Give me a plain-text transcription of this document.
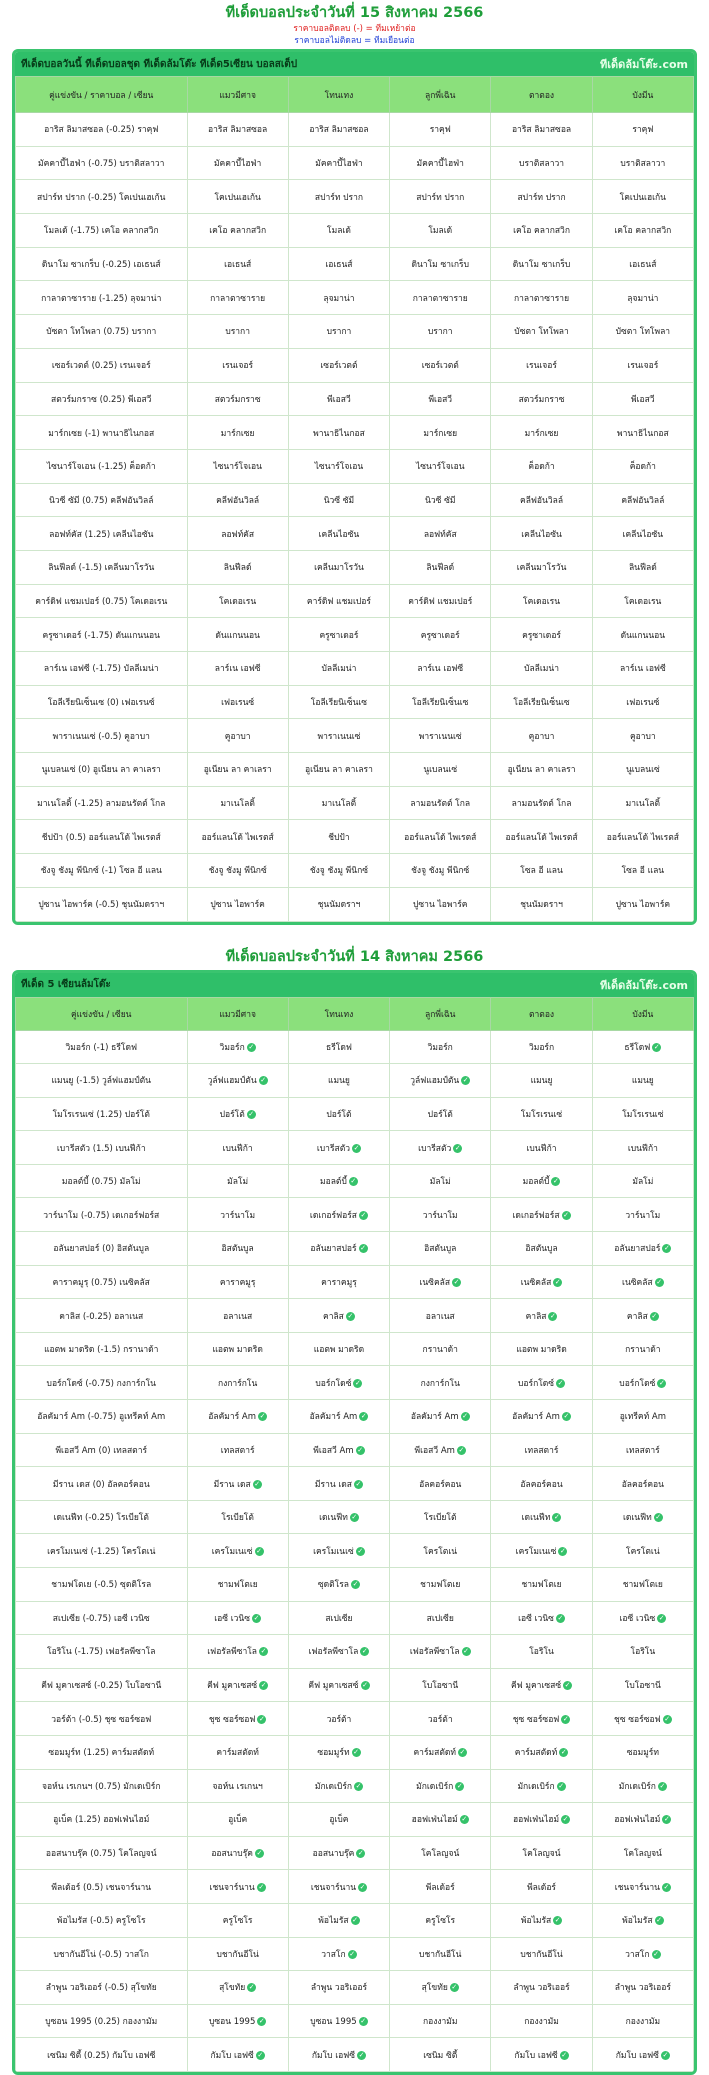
ทีเด็ดบอลประจำวันที่ 15 สิงหาคม 2566
ราคาบอลติดลบ (-) = ทีมเหย้าต่อ
ราคาบอลไม่ติดลบ = ทีมเยือนต่อ
ทีเด็ดบอลวันนี้ ทีเด็ดบอลชุด ทีเด็ดล้มโต๊ะ ทีเด็ด5เซียน บอลสเต็ป	ทีเด็ดล้มโต๊ะ.com
คู่แข่งขัน / ราคาบอล / เซียน	แมวมีศาจ	โทนเทง	ลูกพี่เฉิน	ตาตอง	บังมีน
อาริส ลิมาสซอล (-0.25) ราคุฟ	อาริส ลิมาสซอล	อาริส ลิมาสซอล	ราคุฟ	อาริส ลิมาสซอล	ราคุฟ
มัคคาบี้ไฮฟ่า (-0.75) บราติสลาวา	มัคคาบี้ไฮฟ่า	มัคคาบี้ไฮฟ่า	มัคคาบี้ไฮฟ่า	บราติสลาวา	บราติสลาวา
สปาร์ท ปราก (-0.25) โคเปนเฮเก้น	โคเปนเฮเก้น	สปาร์ท ปราก	สปาร์ท ปราก	สปาร์ท ปราก	โคเปนเฮเก้น
โมลเด้ (-1.75) เคโอ คลากสวิก	เคโอ คลากสวิก	โมลเด้	โมลเด้	เคโอ คลากสวิก	เคโอ คลากสวิก
ดินาโม ซาเกร็บ (-0.25) เอเธนส์	เอเธนส์	เอเธนส์	ดินาโม ซาเกร็บ	ดินาโม ซาเกร็บ	เอเธนส์
กาลาตาซาราย (-1.25) ลุจมาน่า	กาลาตาซาราย	ลุจมาน่า	กาลาตาซาราย	กาลาตาซาราย	ลุจมาน่า
บัซตา โทโพลา (0.75) บรากา	บรากา	บรากา	บรากา	บัซตา โทโพลา	บัซตา โทโพลา
เซอร์เวตต์ (0.25) เรนเจอร์	เรนเจอร์	เซอร์เวตต์	เซอร์เวตต์	เรนเจอร์	เรนเจอร์
สตวร์มกราซ (0.25) พีเอสวี	สตวร์มกราซ	พีเอสวี	พีเอสวี	สตวร์มกราซ	พีเอสวี
มาร์กเซย (-1) พานาธิไนกอส	มาร์กเซย	พานาธิไนกอส	มาร์กเซย	มาร์กเซย	พานาธิไนกอส
ไซนาร์โจเอน (-1.25) ค็อดก้า	ไซนาร์โจเอน	ไซนาร์โจเอน	ไซนาร์โจเอน	ค็อดก้า	ค็อดก้า
นิวซี ซัมี (0.75) คลีฟอันวิลล์	คลีฟอันวิลล์	นิวซี ซัมี	นิวซี ซัมี	คลีฟอันวิลล์	คลีฟอันวิลล์
ลอฟท์คัส (1.25) เคลีนไอซัน	ลอฟท์คัส	เคลีนไอซัน	ลอฟท์คัส	เคลีนไอซัน	เคลีนไอซัน
ลินฟีลด์ (-1.5) เคลีนมาโรวัน	ลินฟีลด์	เคลีนมาโรวัน	ลินฟีลด์	เคลีนมาโรวัน	ลินฟีลด์
คาร์ดิฟ แชมเปอร์ (0.75) โคเดอเรน	โคเดอเรน	คาร์ดิฟ แชมเปอร์	คาร์ดิฟ แชมเปอร์	โคเดอเรน	โคเดอเรน
ครูซาเดอร์ (-1.75) ดันแกนนอน	ดันแกนนอน	ครูซาเดอร์	ครูซาเดอร์	ครูซาเดอร์	ดันแกนนอน
ลาร์เน เอฟซี (-1.75) บัลลีเมน่า	ลาร์เน เอฟซี	บัลลีเมน่า	ลาร์เน เอฟซี	บัลลีเมน่า	ลาร์เน เอฟซี
โอลีเรียนิเซ็นเซ (0) เฟอเรนซ์	เฟอเรนซ์	โอลีเรียนิเซ็นเซ	โอลีเรียนิเซ็นเซ	โอลีเรียนิเซ็นเซ	เฟอเรนซ์
พาราเนนเซ่ (-0.5) คูอาบา	คูอาบา	พาราเนนเซ่	พาราเนนเซ่	คูอาบา	คูอาบา
นูเบลนเซ่ (0) อูเนียน ลา คาเลรา	อูเนียน ลา คาเลรา	อูเนียน ลา คาเลรา	นูเบลนเซ่	อูเนียน ลา คาเลรา	นูเบลนเซ่
มาเนโลติ้ (-1.25) ลามอนรัตต์ โกล	มาเนโลติ้	มาเนโลติ้	ลามอนรัตต์ โกล	ลามอนรัตต์ โกล	มาเนโลติ้
ชีปป้า (0.5) ออร์แลนโด้ ไพเรตส์	ออร์แลนโด้ ไพเรตส์	ชีปป้า	ออร์แลนโด้ ไพเรตส์	ออร์แลนโด้ ไพเรตส์	ออร์แลนโด้ ไพเรตส์
ชังจู ชังมู พีนิกซ์ (-1) โซล อี แลน	ชังจู ชังมู พีนิกซ์	ชังจู ชังมู พีนิกซ์	ชังจู ชังมู พีนิกซ์	โซล อี แลน	โซล อี แลน
ปูซาน ไอพาร์ค (-0.5) ชุนนัมดราฯ	ปูซาน ไอพาร์ค	ชุนนัมดราฯ	ปูซาน ไอพาร์ค	ชุนนัมดราฯ	ปูซาน ไอพาร์ค
ทีเด็ดบอลประจำวันที่ 14 สิงหาคม 2566
ทีเด็ด 5 เซียนล้มโต๊ะ	ทีเด็ดล้มโต๊ะ.com
คู่แข่งขัน / เซียน	แมวมีศาจ	โทนเทง	ลูกพี่เฉิน	ตาตอง	บังมีน
วิมอร์ก (-1) ธรีโดฟ	วิมอร์ก ✓	ธรีโดฟ	วิมอร์ก	วิมอร์ก	ธรีโดฟ ✓
แมนยู (-1.5) วูล์ฟแฮมป์ตัน	วูล์ฟแฮมป์ตัน ✓	แมนยู	วูล์ฟแฮมป์ตัน ✓	แมนยู	แมนยู
โมโรเรนเซ่ (1.25) ปอร์โต้	ปอร์โต้ ✓	ปอร์โต้	ปอร์โต้	โมโรเรนเซ่	โมโรเรนเซ่
เบารีสตัว (1.5) เบนฟีก้า	เบนฟีก้า	เบารีสตัว ✓	เบารีสตัว ✓	เบนฟีก้า	เบนฟีก้า
มอลต์บี้ (0.75) มัลโม่	มัลโม่	มอลต์บี้ ✓	มัลโม่	มอลต์บี้ ✓	มัลโม่
วาร์นาโม (-0.75) เดเกอร์ฟอร์ส	วาร์นาโม	เดเกอร์ฟอร์ส ✓	วาร์นาโม	เดเกอร์ฟอร์ส ✓	วาร์นาโม
อลันยาสปอร์ (0) อิสตันบูล	อิสตันบูล	อลันยาสปอร์ ✓	อิสตันบูล	อิสตันบูล	อลันยาสปอร์ ✓
คาราคมูรุ (0.75) เนซิคลัส	คาราคมูรุ	คาราคมูรุ	เนซิคลัส ✓	เนซิคลัส ✓	เนซิคลัส ✓
คาลิส (-0.25) อลาเนส	อลาเนส	คาลิส ✓	อลาเนส	คาลิส ✓	คาลิส ✓
แอตพ มาดริด (-1.5) กรานาด้า	แอตพ มาดริด	แอตพ มาดริด	กรานาด้า	แอตพ มาดริด	กรานาด้า
บอร์กโดซ์ (-0.75) กงการ์กโน	กงการ์กโน	บอร์กโดซ์ ✓	กงการ์กโน	บอร์กโดซ์ ✓	บอร์กโดซ์ ✓
อัลคัมาร์ Am (-0.75) อูเทรีคท์ Am	อัลคัมาร์ Am ✓	อัลคัมาร์ Am ✓	อัลคัมาร์ Am ✓	อัลคัมาร์ Am ✓	อูเทรีคท์ Am
พีเอสวี Am (0) เทลสตาร์	เทลสตาร์	พีเอสวี Am ✓	พีเอสวี Am ✓	เทลสตาร์	เทลสตาร์
มีราน เดส (0) อัลคอร์คอน	มีราน เดส ✓	มีราน เดส ✓	อัลคอร์คอน	อัลคอร์คอน	อัลคอร์คอน
เดเนฟีท (-0.25) โรเบียโต้	โรเบียโต้	เดเนฟีท ✓	โรเบียโต้	เดเนฟีท ✓	เดเนฟีท ✓
เครโมเนเซ่ (-1.25) โครโตเน่	เครโมเนเซ่ ✓	เครโมเนเซ่ ✓	โครโตเน่	เครโมเนเซ่ ✓	โครโตเน่
ชามฟโตเย (-0.5) ซุดติโรล	ชามฟโตเย	ซุดติโรล ✓	ชามฟโตเย	ชามฟโตเย	ชามฟโตเย
สเปเซีย (-0.75) เอซี เวนิซ	เอซี เวนิซ ✓	สเปเซีย	สเปเซีย	เอซี เวนิซ ✓	เอซี เวนิซ ✓
โอริโน (-1.75) เฟอรัลพีซาโล	เฟอรัลพีซาโล ✓	เฟอรัลพีซาโล ✓	เฟอรัลพีซาโล ✓	โอริโน	โอริโน
คีฟ มูคาเซสซ์ (-0.25) โบโอซานี	คีฟ มูคาเซสซ์ ✓	คีฟ มูคาเซสซ์ ✓	โบโอซานี	คีฟ มูคาเซสซ์ ✓	โบโอซานี
วอร์ต้า (-0.5) ชุซ ซอร์ซอฟ	ชุซ ซอร์ซอฟ ✓	วอร์ต้า	วอร์ต้า	ชุซ ซอร์ซอฟ ✓	ชุซ ซอร์ซอฟ ✓
ซอมมูร์ท (1.25) คาร์มสตัดท์	คาร์มสตัดท์	ซอมมูร์ท ✓	คาร์มสตัดท์ ✓	คาร์มสตัดท์ ✓	ซอมมูร์ท
จอห์น เรเกนฯ (0.75) มักเดเบิร์ก	จอห์น เรเกนฯ	มักเดเบิร์ก ✓	มักเดเบิร์ก ✓	มักเดเบิร์ก ✓	มักเดเบิร์ก ✓
อูเบ็ค (1.25) ฮอฟเฟ่นไฮม์	อูเบ็ค	อูเบ็ค	ฮอฟเฟ่นไฮม์ ✓	ฮอฟเฟ่นไฮม์ ✓	ฮอฟเฟ่นไฮม์ ✓
ออสนาบรุ๊ค (0.75) โคโลญจน์	ออสนาบรุ๊ค ✓	ออสนาบรุ๊ค ✓	โคโลญจน์	โคโลญจน์	โคโลญจน์
พีลเด้อร์ (0.5) เชนจาร์นาน	เชนจาร์นาน ✓	เชนจาร์นาน ✓	พีลเด้อร์	พีลเด้อร์	เชนจาร์นาน ✓
พ้อไมรัส (-0.5) ครูโซโร	ครูโซโร	พ้อไมรัส ✓	ครูโซโร	พ้อไมรัส ✓	พ้อไมรัส ✓
บชากันอีโน่ (-0.5) วาสโก	บชากันอีโน่	วาสโก ✓	บชากันอีโน่	บชากันอีโน่	วาสโก ✓
ลำพูน วอริเออร์ (-0.5) สุโขทัย	สุโขทัย ✓	ลำพูน วอริเออร์	สุโขทัย ✓	ลำพูน วอริเออร์	ลำพูน วอริเออร์
บูซอน 1995 (0.25) กองงามัม	บูซอน 1995 ✓	บูซอน 1995 ✓	กองงามัม	กองงามัม	กองงามัม
เซนิม ซิตี้ (0.25) กัมโบ เอฟซี	กัมโบ เอฟซี ✓	กัมโบ เอฟซี ✓	เซนิม ซิตี้	กัมโบ เอฟซี ✓	กัมโบ เอฟซี ✓
